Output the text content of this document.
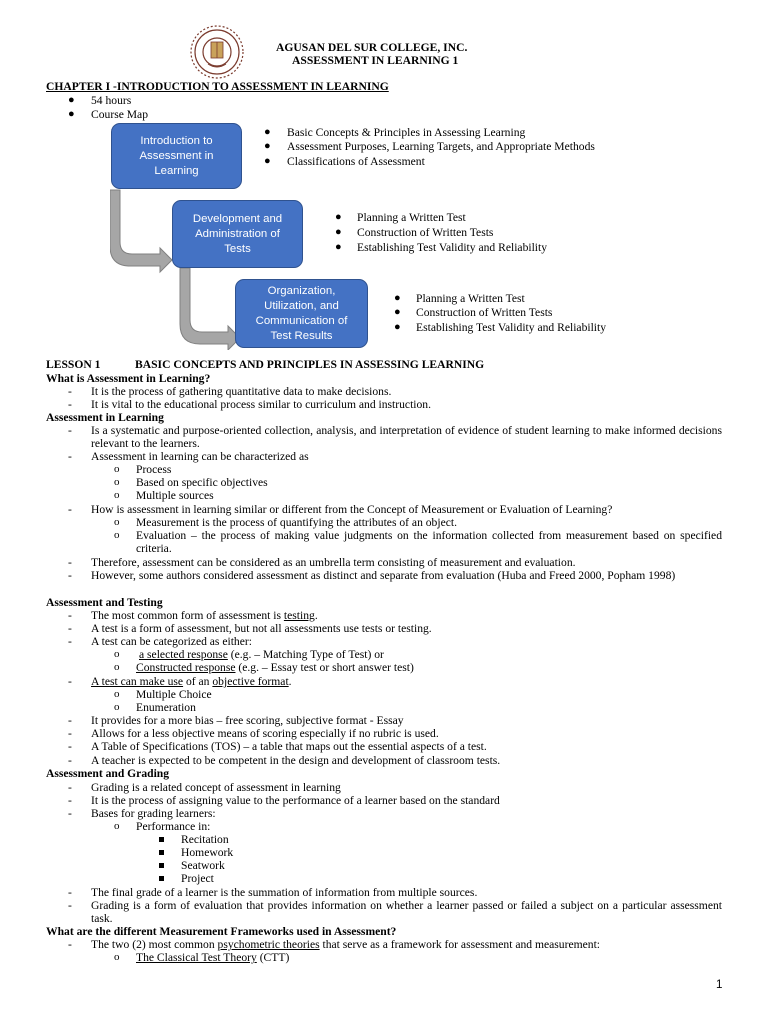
AGUSAN DEL SUR COLLEGE, INC.
ASSESSMENT IN LEARNING 1
CHAPTER I -INTRODUCTION TO ASSESSMENT IN LEARNING
● 54 hours
● Course Map
Introduction to
Assessment in
Learning
● Basic Concepts & Principles in Assessing Learning
● Assessment Purposes, Learning Targets, and Appropriate Methods
● Classifications of Assessment
Development and
Administration of
Tests
● Planning a Written Test
● Construction of Written Tests
● Establishing Test Validity and Reliability
Organization,
Utilization, and
Communication of
Test Results
● Planning a Written Test
● Construction of Written Tests
● Establishing Test Validity and Reliability
LESSON 1	BASIC CONCEPTS AND PRINCIPLES IN ASSESSING LEARNING
What is Assessment in Learning?
- It is the process of gathering quantitative data to make decisions.
- It is vital to the educational process similar to curriculum and instruction.
Assessment in Learning
- Is a systematic and purpose-oriented collection, analysis, and interpretation of evidence of student learning to make informed decisions relevant to the learners.
- Assessment in learning can be characterized as
o Process
o Based on specific objectives
o Multiple sources
- How is assessment in learning similar or different from the Concept of Measurement or Evaluation of Learning?
o Measurement is the process of quantifying the attributes of an object.
o Evaluation – the process of making value judgments on the information collected from measurement based on specified criteria.
- Therefore, assessment can be considered as an umbrella term consisting of measurement and evaluation.
- However, some authors considered assessment as distinct and separate from evaluation (Huba and Freed 2000, Popham 1998)
Assessment and Testing
- The most common form of assessment is testing.
- A test is a form of assessment, but not all assessments use tests or testing.
- A test can be categorized as either:
o a selected response (e.g. – Matching Type of Test) or
o Constructed response (e.g. – Essay test or short answer test)
- A test can make use of an objective format.
o Multiple Choice
o Enumeration
- It provides for a more bias – free scoring, subjective format - Essay
- Allows for a less objective means of scoring especially if no rubric is used.
- A Table of Specifications (TOS) – a table that maps out the essential aspects of a test.
- A teacher is expected to be competent in the design and development of classroom tests.
Assessment and Grading
- Grading is a related concept of assessment in learning
- It is the process of assigning value to the performance of a learner based on the standard
- Bases for grading learners:
o Performance in:
Recitation
Homework
Seatwork
Project
- The final grade of a learner is the summation of information from multiple sources.
- Grading is a form of evaluation that provides information on whether a learner passed or failed a subject on a particular assessment task.
What are the different Measurement Frameworks used in Assessment?
- The two (2) most common psychometric theories that serve as a framework for assessment and measurement:
o The Classical Test Theory (CTT)
1
